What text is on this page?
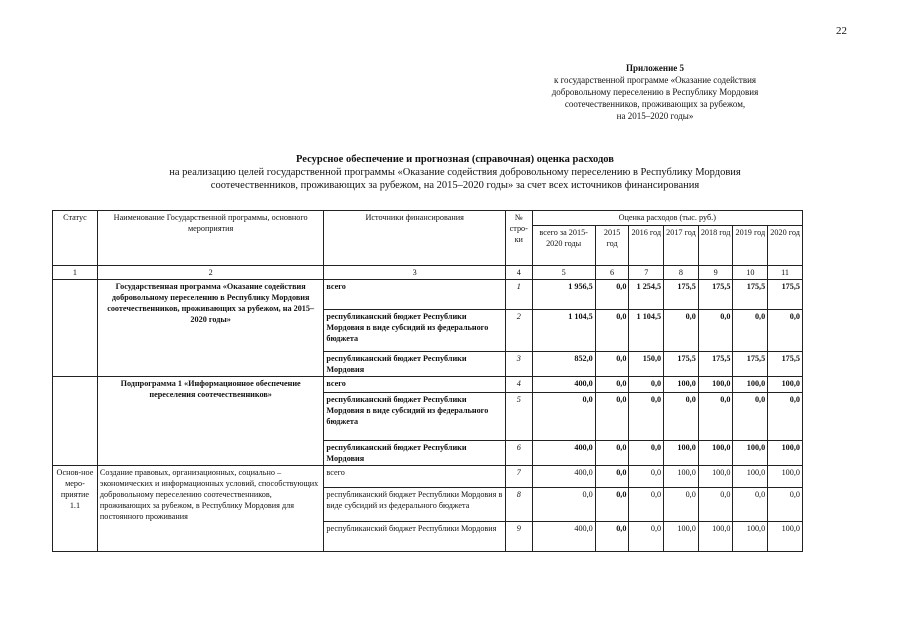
22
Приложение 5
к государственной программе «Оказание содействия
добровольному переселению в Республику Мордовия
соотечественников, проживающих за рубежом,
на 2015–2020 годы»
Ресурсное обеспечение и прогнозная (справочная) оценка расходов
на реализацию целей государственной программы «Оказание содействия добровольному переселению в Республику Мордовия
соотечественников, проживающих за рубежом, на 2015–2020 годы» за счет всех источников финансирования
Статус	Наименование Государственной программы, основного мероприятия	Источники финансирования	№ стро-ки	Оценка расходов (тыс. руб.)						
				всего за 2015-2020 годы	2015 год	2016 год	2017 год	2018 год	2019 год	2020 год
1	2	3	4	5	6	7	8	9	10	11
	Государственная программа «Оказание содействия добровольному переселению в Республику Мордовия соотечественников, проживающих за рубежом, на 2015–2020 годы»	всего	1	1 956,5	0,0	1 254,5	175,5	175,5	175,5	175,5
		республиканский бюджет Республики Мордовия в виде субсидий из федерального бюджета	2	1 104,5	0,0	1 104,5	0,0	0,0	0,0	0,0
		республиканский бюджет Республики Мордовия	3	852,0	0,0	150,0	175,5	175,5	175,5	175,5
	Подпрограмма 1 «Информационное обеспечение переселения соотечественников»	всего	4	400,0	0,0	0,0	100,0	100,0	100,0	100,0
		республиканский бюджет Республики Мордовия в виде субсидий из федерального бюджета	5	0,0	0,0	0,0	0,0	0,0	0,0	0,0
		республиканский бюджет Республики Мордовия	6	400,0	0,0	0,0	100,0	100,0	100,0	100,0
Основ-ное меро-приятие 1.1	Создание правовых, организационных, социально – экономических и информационных условий, способствующих добровольному переселению соотечественников, проживающих за рубежом, в Республику Мордовия для постоянного проживания	всего	7	400,0	0,0	0,0	100,0	100,0	100,0	100,0
		республиканский бюджет Республики Мордовия в виде субсидий из федерального бюджета	8	0,0	0,0	0,0	0,0	0,0	0,0	0,0
		республиканский бюджет Республики Мордовия	9	400,0	0,0	0,0	100,0	100,0	100,0	100,0
